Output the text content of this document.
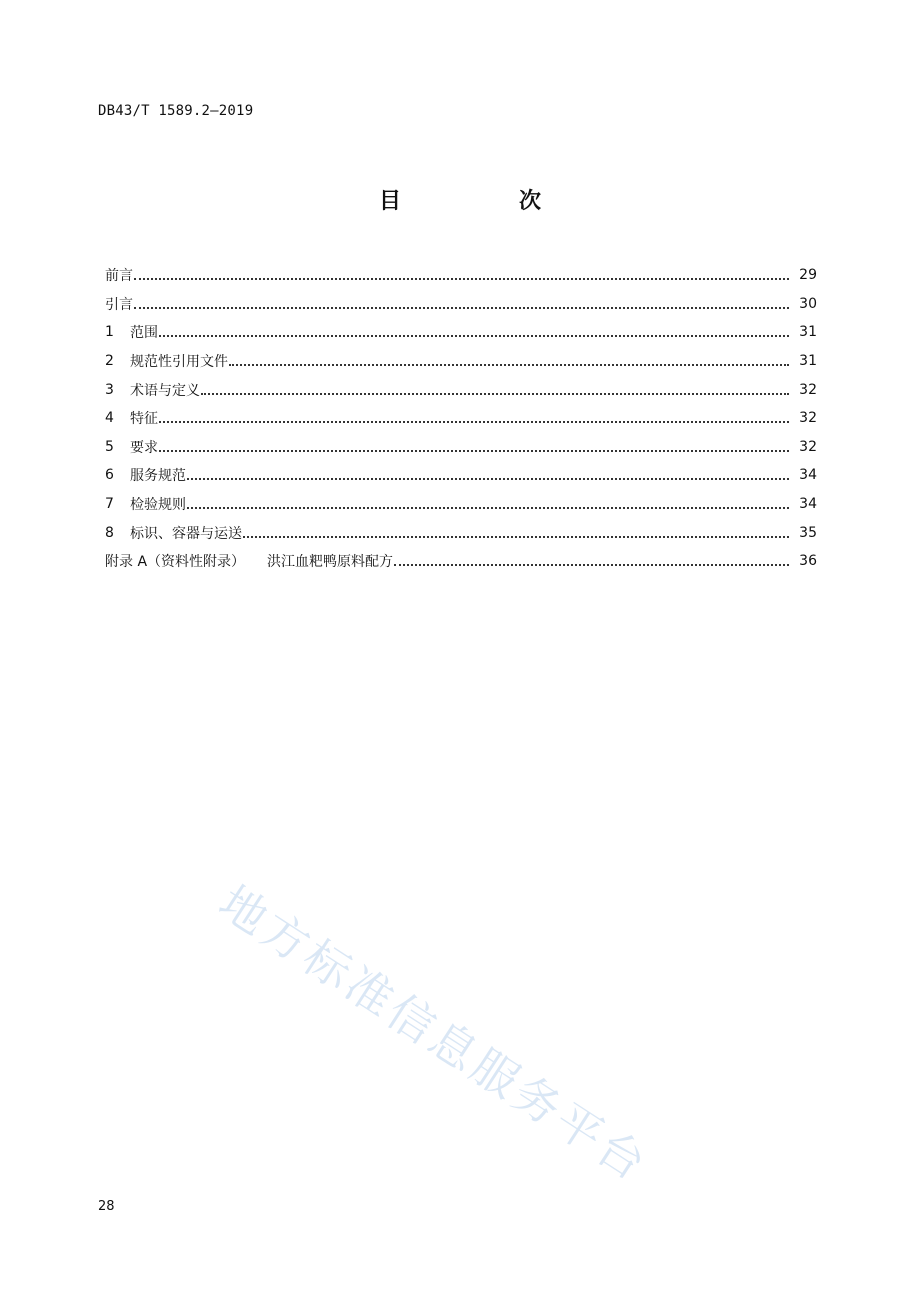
DB43/T 1589.2—2019
目　次
前言	29
引言	30
1	范围	31
2	规范性引用文件	31
3	术语与定义	32
4	特征	32
5	要求	32
6	服务规范	34
7	检验规则	34
8	标识、容器与运送	35
附录 A（资料性附录） 洪江血粑鸭原料配方	36
地方标准信息服务平台
28
